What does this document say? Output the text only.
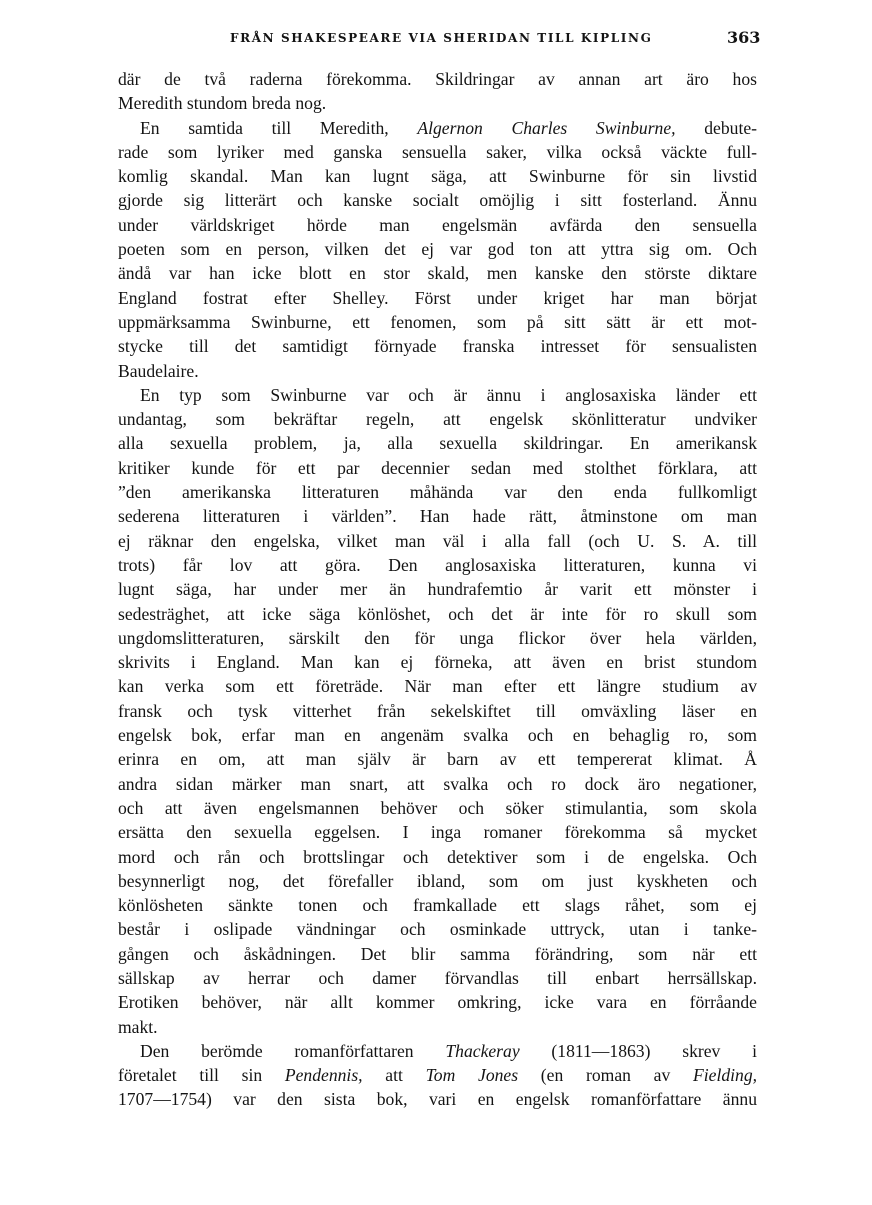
FRÅN SHAKESPEARE VIA SHERIDAN TILL KIPLING	363
där de två raderna förekomma. Skildringar av annan art äro hos
Meredith stundom breda nog.
En samtida till Meredith, Algernon Charles Swinburne, debute-
rade som lyriker med ganska sensuella saker, vilka också väckte full-
komlig skandal. Man kan lugnt säga, att Swinburne för sin livstid
gjorde sig litterärt och kanske socialt omöjlig i sitt fosterland. Ännu
under världskriget hörde man engelsmän avfärda den sensuella
poeten som en person, vilken det ej var god ton att yttra sig om. Och
ändå var han icke blott en stor skald, men kanske den störste diktare
England fostrat efter Shelley. Först under kriget har man börjat
uppmärksamma Swinburne, ett fenomen, som på sitt sätt är ett mot-
stycke till det samtidigt förnyade franska intresset för sensualisten
Baudelaire.
En typ som Swinburne var och är ännu i anglosaxiska länder ett
undantag, som bekräftar regeln, att engelsk skönlitteratur undviker
alla sexuella problem, ja, alla sexuella skildringar. En amerikansk
kritiker kunde för ett par decennier sedan med stolthet förklara, att
”den amerikanska litteraturen måhända var den enda fullkomligt
sederena litteraturen i världen”. Han hade rätt, åtminstone om man
ej räknar den engelska, vilket man väl i alla fall (och U. S. A. till
trots) får lov att göra. Den anglosaxiska litteraturen, kunna vi
lugnt säga, har under mer än hundrafemtio år varit ett mönster i
sedesträghet, att icke säga könlöshet, och det är inte för ro skull som
ungdomslitteraturen, särskilt den för unga flickor över hela världen,
skrivits i England. Man kan ej förneka, att även en brist stundom
kan verka som ett företräde. När man efter ett längre studium av
fransk och tysk vitterhet från sekelskiftet till omväxling läser en
engelsk bok, erfar man en angenäm svalka och en behaglig ro, som
erinra en om, att man själv är barn av ett tempererat klimat. Å
andra sidan märker man snart, att svalka och ro dock äro negationer,
och att även engelsmannen behöver och söker stimulantia, som skola
ersätta den sexuella eggelsen. I inga romaner förekomma så mycket
mord och rån och brottslingar och detektiver som i de engelska. Och
besynnerligt nog, det förefaller ibland, som om just kyskheten och
könlösheten sänkte tonen och framkallade ett slags råhet, som ej
består i oslipade vändningar och osminkade uttryck, utan i tanke-
gången och åskådningen. Det blir samma förändring, som när ett
sällskap av herrar och damer förvandlas till enbart herrsällskap.
Erotiken behöver, när allt kommer omkring, icke vara en förråande
makt.
Den berömde romanförfattaren Thackeray (1811—1863) skrev i
företalet till sin Pendennis, att Tom Jones (en roman av Fielding,
1707—1754) var den sista bok, vari en engelsk romanförfattare ännu
